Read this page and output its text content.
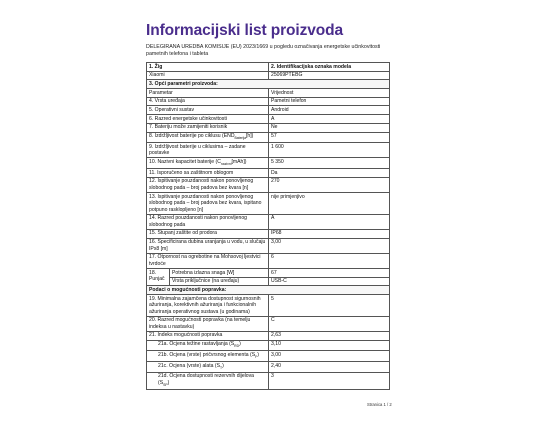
Informacijski list proizvoda
DELEGIRANA UREDBA KOMISIJE (EU) 2023/1669 u pogledu označivanja energetske učinkovitosti pametnih telefona i tableta
1. Žig		2. Identifikacijska oznaka modela
Xiaomi		25069PTEBG
3. Opći parametri proizvoda:		
Parametar		Vrijednost
4. Vrsta uređaja		Pametni telefon
5. Operativni sustav		Android
6. Razred energetske učinkovitosti		A
7. Bateriju može zamijeniti korisnik		Ne
8. Izdržljivost baterije po ciklusu $(END_{Baterija}[h])$		57
9. Izdržljivost baterije u ciklusima – zadane postavke		1 600
10. Nazivni kapacitet baterije $(C_{nazivni}[mAh])$		5 350
11. Isporučeno sa zaštitnom oblogom		Da
12. Ispitivanje pouzdanosti nakon ponovljenog slobodnog pada – broj padova bez kvara [n]		270
13. Ispitivanje pouzdanosti nakon ponovljenog slobodnog pada – broj padova bez kvara, ispitano potpuno rasklopljeno [n]		nije primjenjivo
14. Razred pouzdanosti nakon ponovljenog slobodnog pada		A
15. Stupanj zaštite od prodora		IP68
16. Specificirana dubina uranjanja u vodu, u slučaju IPx8 [m]		3,00
17. Otpornost na ogrebotine na Mohsovoj ljestvici tvrdoće		6
18. Punjač	Potrebna izlazna snaga [W]	67
	Vrsta priključnice (na uređaju)	USB-C
Podaci o mogućnosti popravka:		
19. Minimalna zajamčena dostupnost sigurnosnih ažuriranja, korektivnih ažuriranja i funkcionalnih ažuriranja operativnog sustava (u godinama)		5
20. Razred mogućnosti popravka (na temelju indeksa u nastavku)		C
21. Indeks mogućnosti popravka		2,63
21a. Ocjena težine rastavljanja $(S_{RD})$		3,10
21b. Ocjena (vrste) pričvrsnog elementa $(S_F)$		3,00
21c. Ocjena (vrste) alata $(S_T)$		2,40
21d. Ocjena dostupnosti rezervnih dijelova $(S_{SP})$		3
Stranica 1 / 2
